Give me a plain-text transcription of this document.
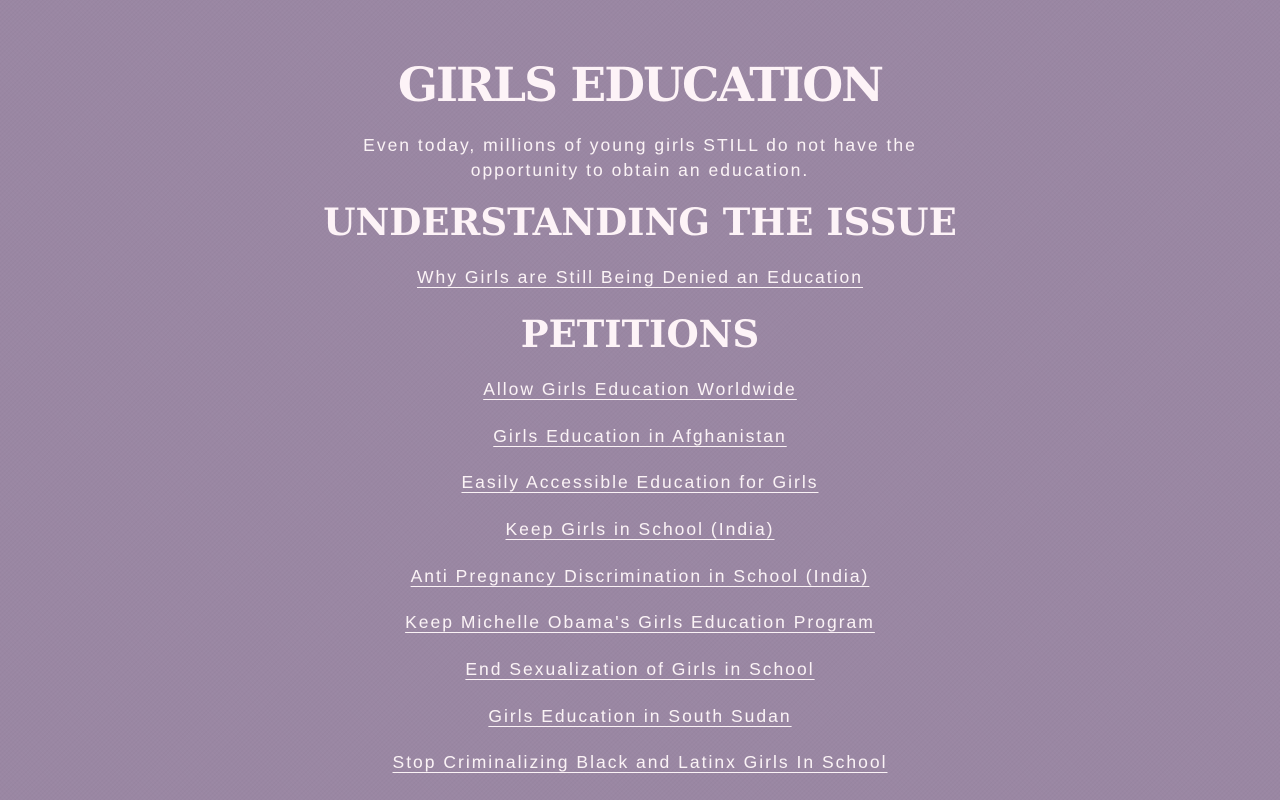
GIRLS EDUCATION

Even today, millions of young girls STILL do not have the opportunity to obtain an education.

UNDERSTANDING THE ISSUE
Why Girls are Still Being Denied an Education
PETITIONS
Allow Girls Education Worldwide
Girls Education in Afghanistan
Easily Accessible Education for Girls
Keep Girls in School (India)
Anti Pregnancy Discrimination in School (India)
Keep Michelle Obama's Girls Education Program
End Sexualization of Girls in School
Girls Education in South Sudan
Stop Criminalizing Black and Latinx Girls In School
